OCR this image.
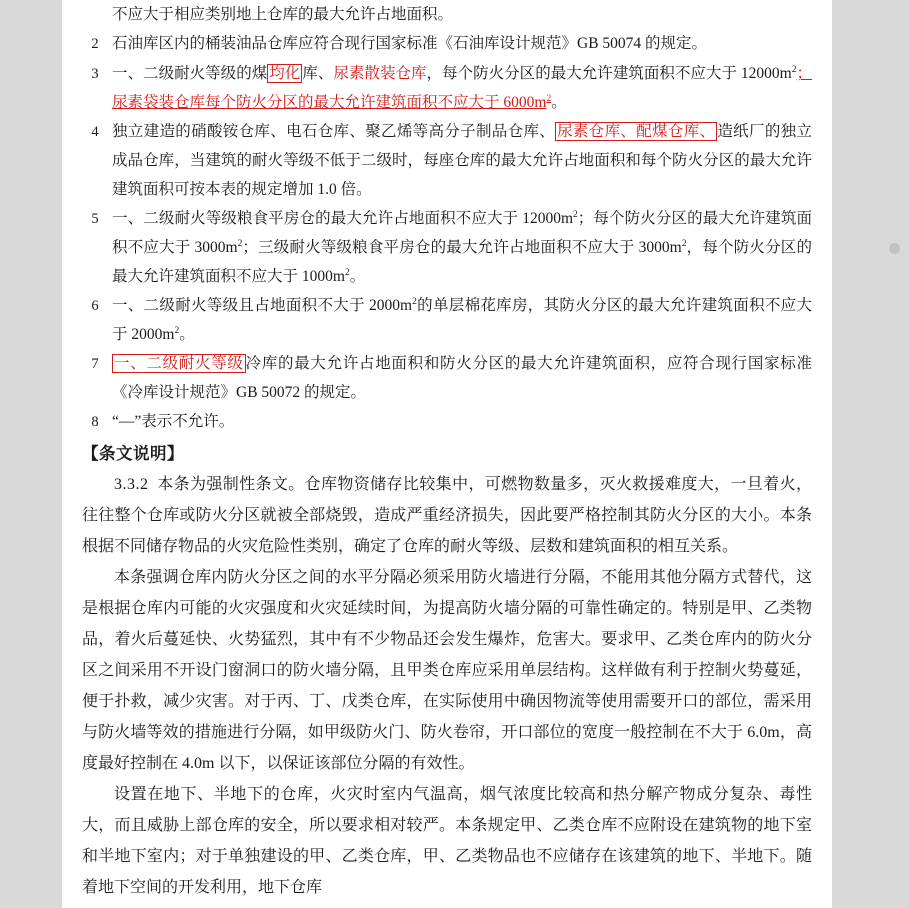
不应大于相应类别地上仓库的最大允许占地面积。
2 石油库区内的桶装油品仓库应符合现行国家标准《石油库设计规范》GB 50074 的规定。
3 一、二级耐火等级的煤 均化 库、尿素散装仓库，每个防火分区的最大允许建筑面积不应大于 $12000m^2$；尿素袋装仓库每个防火分区的最大允许建筑面积不应大于 $6000m^2$。
4 独立建造的硝酸铵仓库、电石仓库、聚乙烯等高分子制品仓库、 尿素仓库、配煤仓库、 造纸厂的独立成品仓库，当建筑的耐火等级不低于二级时，每座仓库的最大允许占地面积和每个防火分区的最大允许建筑面积可按本表的规定增加 1.0 倍。
5 一、二级耐火等级粮食平房仓的最大允许占地面积不应大于 $12000m^2$；每个防火分区的最大允许建筑面积不应大于 $3000m^2$；三级耐火等级粮食平房仓的最大允许占地面积不应大于 $3000m^2$，每个防火分区的最大允许建筑面积不应大于 $1000m^2$。
6 一、二级耐火等级且占地面积不大于 $2000m^2$的单层棉花库房，其防火分区的最大允许建筑面积不应大于 $2000m^2$。
7 一、二级耐火等级 冷库的最大允许占地面积和防火分区的最大允许建筑面积，应符合现行国家标准《冷库设计规范》GB 50072 的规定。
8 “—”表示不允许。
【条文说明】

3.3.2 本条为强制性条文。仓库物资储存比较集中，可燃物数量多，灭火救援难度大，一旦着火，往往整个仓库或防火分区就被全部烧毁，造成严重经济损失，因此要严格控制其防火分区的大小。本条根据不同储存物品的火灾危险性类别，确定了仓库的耐火等级、层数和建筑面积的相互关系。

本条强调仓库内防火分区之间的水平分隔必须采用防火墙进行分隔，不能用其他分隔方式替代，这是根据仓库内可能的火灾强度和火灾延续时间，为提高防火墙分隔的可靠性确定的。特别是甲、乙类物品，着火后蔓延快、火势猛烈，其中有不少物品还会发生爆炸，危害大。要求甲、乙类仓库内的防火分区之间采用不开设门窗洞口的防火墙分隔，且甲类仓库应采用单层结构。这样做有利于控制火势蔓延，便于扑救，减少灾害。对于丙、丁、戊类仓库，在实际使用中确因物流等使用需要开口的部位，需采用与防火墙等效的措施进行分隔，如甲级防火门、防火卷帘，开口部位的宽度一般控制在不大于 6.0m，高度最好控制在 4.0m 以下，以保证该部位分隔的有效性。

设置在地下、半地下的仓库，火灾时室内气温高，烟气浓度比较高和热分解产物成分复杂、毒性大，而且威胁上部仓库的安全，所以要求相对较严。本条规定甲、乙类仓库不应附设在建筑物的地下室和半地下室内；对于单独建设的甲、乙类仓库，甲、乙类物品也不应储存在该建筑的地下、半地下。随着地下空间的开发利用，地下仓库
